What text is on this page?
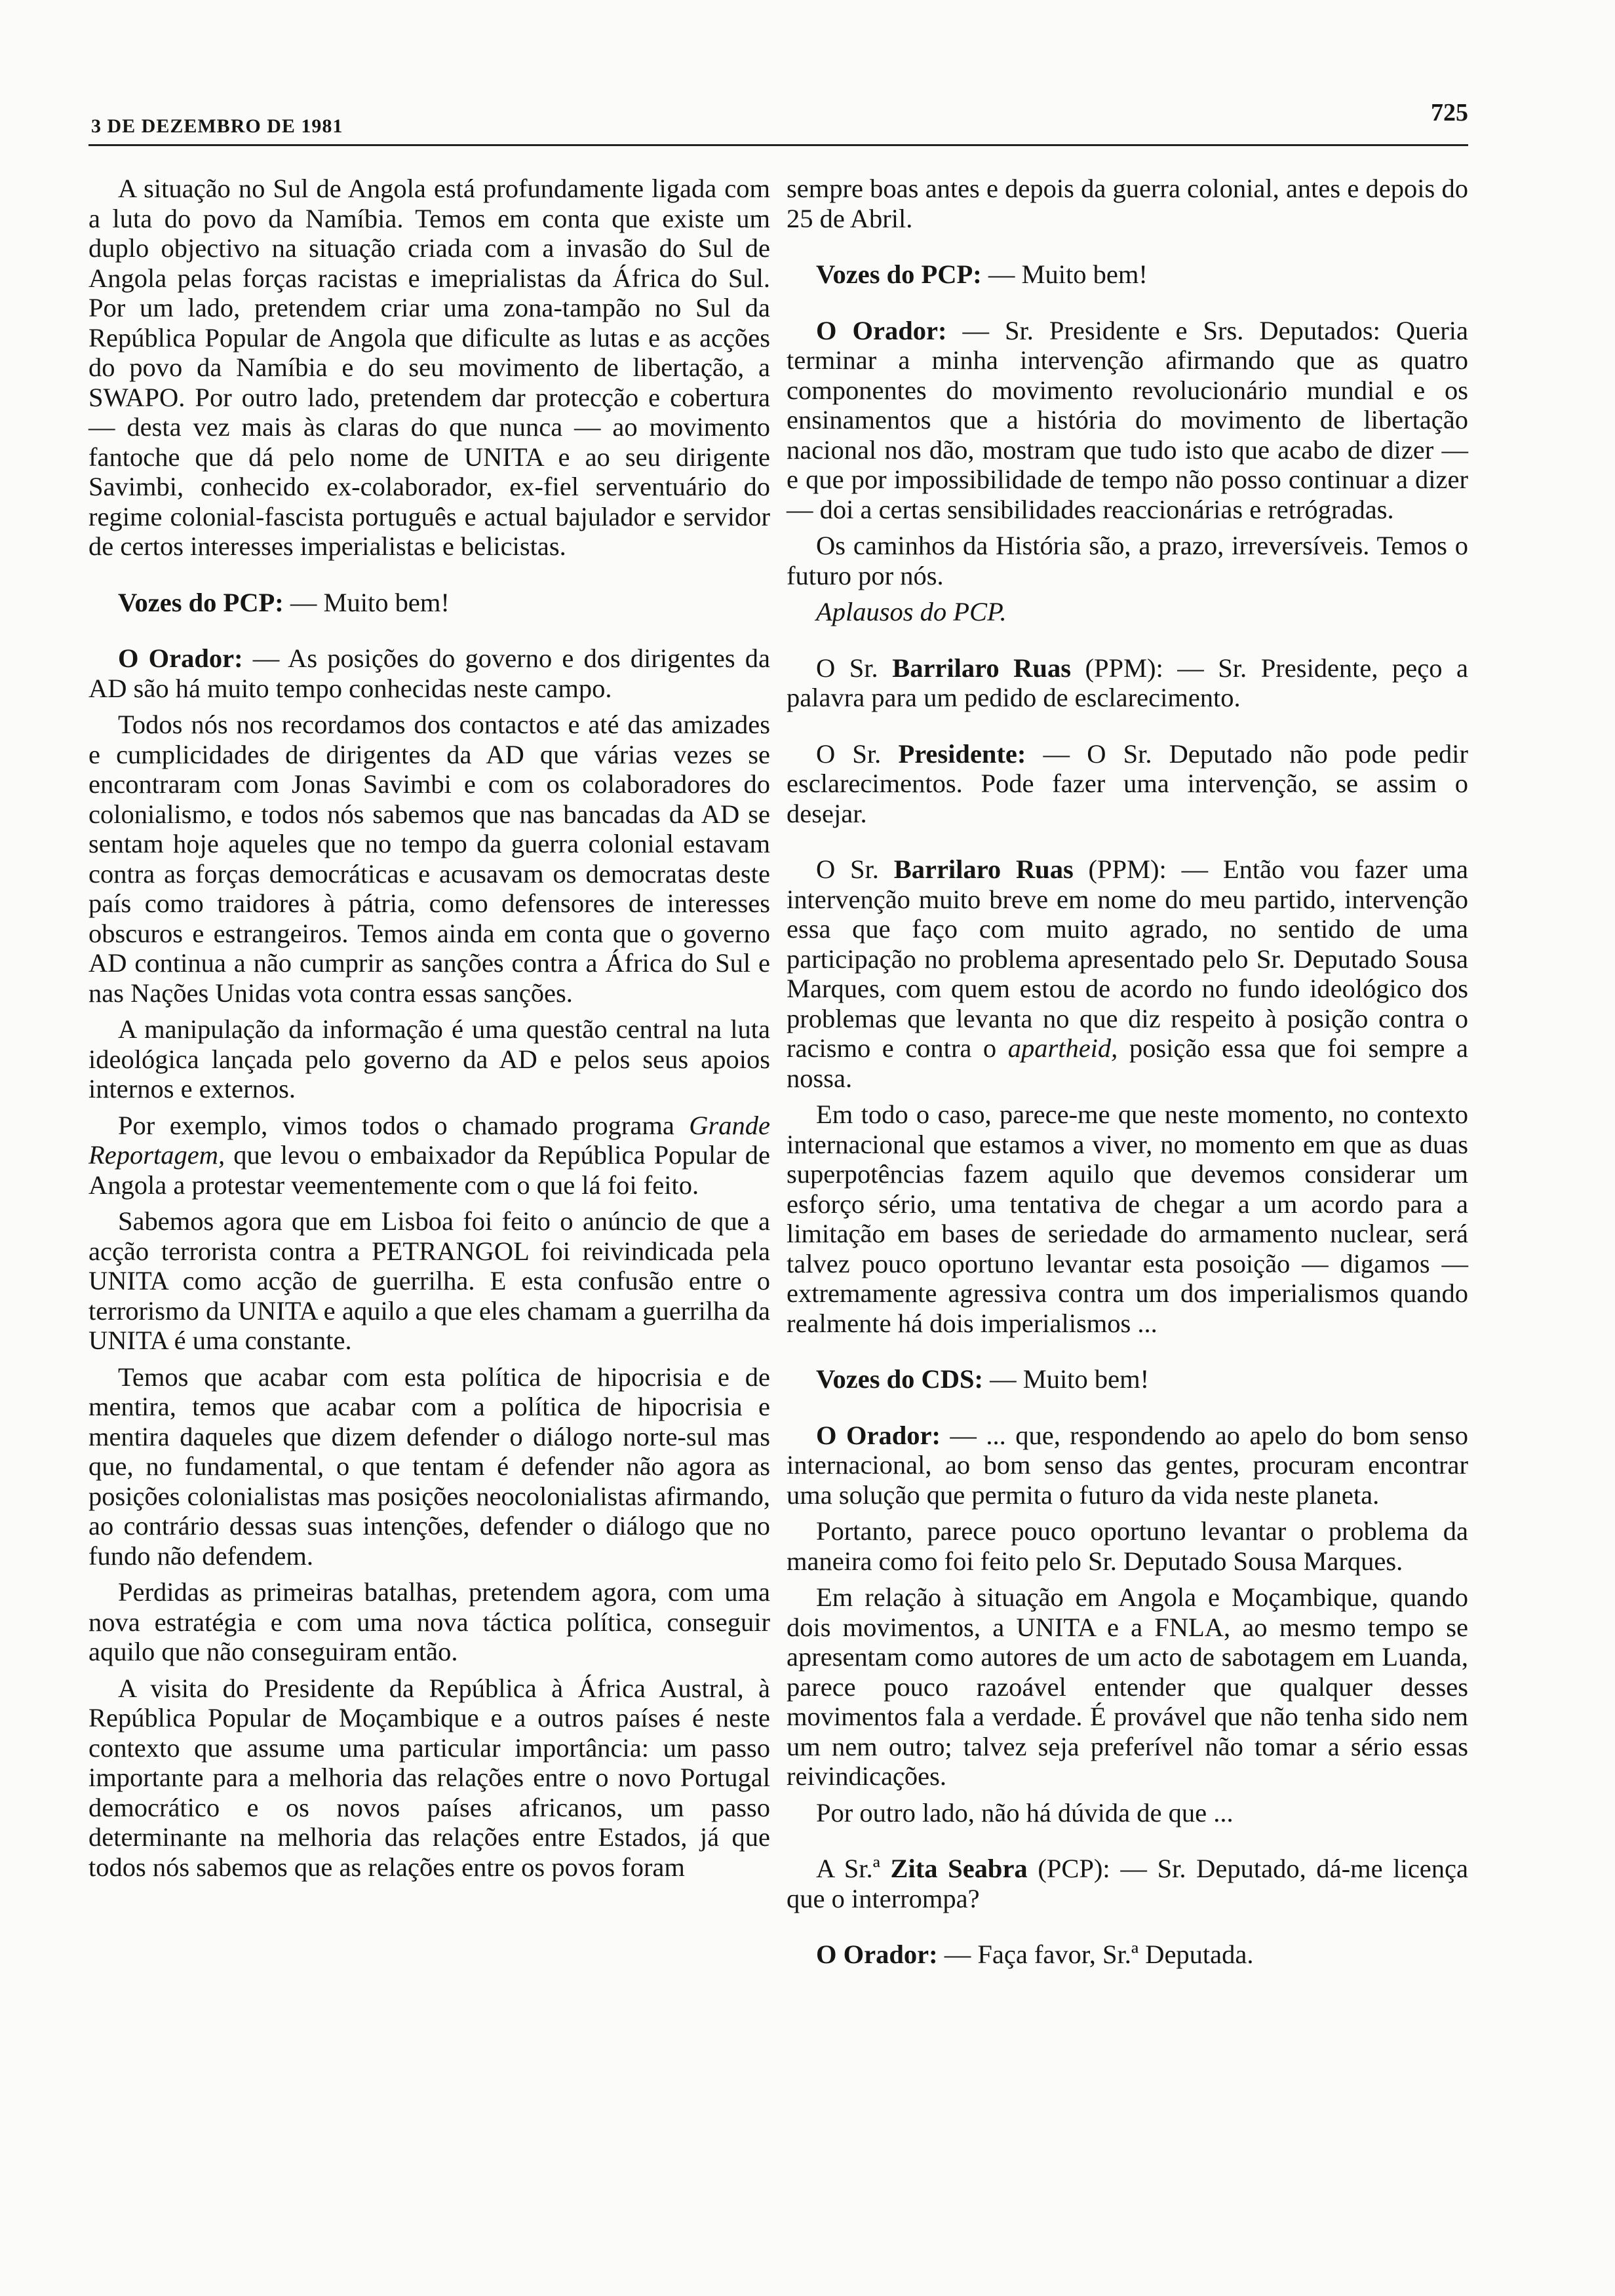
3 DE DEZEMBRO DE 1981	725

A situação no Sul de Angola está profundamente ligada com a luta do povo da Namíbia. Temos em conta que existe um duplo objectivo na situação criada com a invasão do Sul de Angola pelas forças racistas e imeprialistas da África do Sul. Por um lado, pretendem criar uma zona-tampão no Sul da República Popular de Angola que dificulte as lutas e as acções do povo da Namíbia e do seu movimento de libertação, a SWAPO. Por outro lado, pretendem dar protecção e cobertura — desta vez mais às claras do que nunca — ao movimento fantoche que dá pelo nome de UNITA e ao seu dirigente Savimbi, conhecido ex-colaborador, ex-fiel serventuário do regime colonial-fascista português e actual bajulador e servidor de certos interesses imperialistas e belicistas.

Vozes do PCP: — Muito bem!

O Orador: — As posições do governo e dos dirigentes da AD são há muito tempo conhecidas neste campo.

Todos nós nos recordamos dos contactos e até das amizades e cumplicidades de dirigentes da AD que várias vezes se encontraram com Jonas Savimbi e com os colaboradores do colonialismo, e todos nós sabemos que nas bancadas da AD se sentam hoje aqueles que no tempo da guerra colonial estavam contra as forças democráticas e acusavam os democratas deste país como traidores à pátria, como defensores de interesses obscuros e estrangeiros. Temos ainda em conta que o governo AD continua a não cumprir as sanções contra a África do Sul e nas Nações Unidas vota contra essas sanções.

A manipulação da informação é uma questão central na luta ideológica lançada pelo governo da AD e pelos seus apoios internos e externos.

Por exemplo, vimos todos o chamado programa Grande Reportagem, que levou o embaixador da República Popular de Angola a protestar veementemente com o que lá foi feito.

Sabemos agora que em Lisboa foi feito o anúncio de que a acção terrorista contra a PETRANGOL foi reivindicada pela UNITA como acção de guerrilha. E esta confusão entre o terrorismo da UNITA e aquilo a que eles chamam a guerrilha da UNITA é uma constante.

Temos que acabar com esta política de hipocrisia e de mentira, temos que acabar com a política de hipocrisia e mentira daqueles que dizem defender o diálogo norte-sul mas que, no fundamental, o que tentam é defender não agora as posições colonialistas mas posições neocolonialistas afirmando, ao contrário dessas suas intenções, defender o diálogo que no fundo não defendem.

Perdidas as primeiras batalhas, pretendem agora, com uma nova estratégia e com uma nova táctica política, conseguir aquilo que não conseguiram então.

A visita do Presidente da República à África Austral, à República Popular de Moçambique e a outros países é neste contexto que assume uma particular importância: um passo importante para a melhoria das relações entre o novo Portugal democrático e os novos países africanos, um passo determinante na melhoria das relações entre Estados, já que todos nós sabemos que as relações entre os povos foram

sempre boas antes e depois da guerra colonial, antes e depois do 25 de Abril.

Vozes do PCP: — Muito bem!

O Orador: — Sr. Presidente e Srs. Deputados: Queria terminar a minha intervenção afirmando que as quatro componentes do movimento revolucionário mundial e os ensinamentos que a história do movimento de libertação nacional nos dão, mostram que tudo isto que acabo de dizer — e que por impossibilidade de tempo não posso continuar a dizer — doi a certas sensibilidades reaccionárias e retrógradas.

Os caminhos da História são, a prazo, irreversíveis. Temos o futuro por nós.

Aplausos do PCP.

O Sr. Barrilaro Ruas (PPM): — Sr. Presidente, peço a palavra para um pedido de esclarecimento.

O Sr. Presidente: — O Sr. Deputado não pode pedir esclarecimentos. Pode fazer uma intervenção, se assim o desejar.

O Sr. Barrilaro Ruas (PPM): — Então vou fazer uma intervenção muito breve em nome do meu partido, intervenção essa que faço com muito agrado, no sentido de uma participação no problema apresentado pelo Sr. Deputado Sousa Marques, com quem estou de acordo no fundo ideológico dos problemas que levanta no que diz respeito à posição contra o racismo e contra o apartheid, posição essa que foi sempre a nossa.

Em todo o caso, parece-me que neste momento, no contexto internacional que estamos a viver, no momento em que as duas superpotências fazem aquilo que devemos considerar um esforço sério, uma tentativa de chegar a um acordo para a limitação em bases de seriedade do armamento nuclear, será talvez pouco oportuno levantar esta posoição — digamos — extremamente agressiva contra um dos imperialismos quando realmente há dois imperialismos ...

Vozes do CDS: — Muito bem!

O Orador: — ... que, respondendo ao apelo do bom senso internacional, ao bom senso das gentes, procuram encontrar uma solução que permita o futuro da vida neste planeta.

Portanto, parece pouco oportuno levantar o problema da maneira como foi feito pelo Sr. Deputado Sousa Marques.

Em relação à situação em Angola e Moçambique, quando dois movimentos, a UNITA e a FNLA, ao mesmo tempo se apresentam como autores de um acto de sabotagem em Luanda, parece pouco razoável entender que qualquer desses movimentos fala a verdade. É provável que não tenha sido nem um nem outro; talvez seja preferível não tomar a sério essas reivindicações.

Por outro lado, não há dúvida de que ...

A Sr.ª Zita Seabra (PCP): — Sr. Deputado, dá-me licença que o interrompa?

O Orador: — Faça favor, Sr.ª Deputada.
